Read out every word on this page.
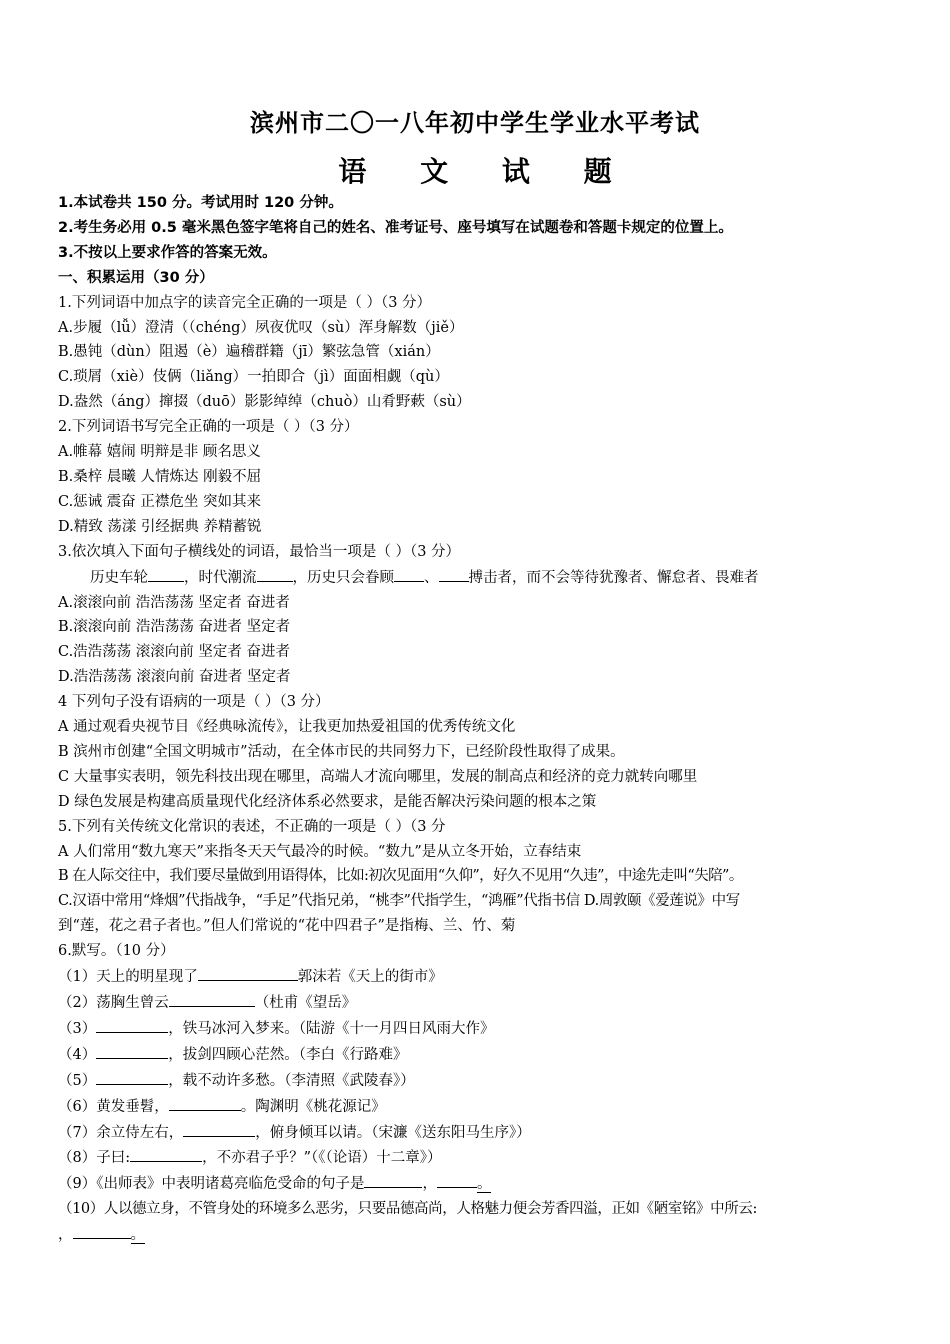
滨州市二〇一八年初中学生学业水平考试
语 文 试 题
1.本试卷共 150 分。考试用时 120 分钟。
2.考生务必用 0.5 毫米黑色签字笔将自己的姓名、准考证号、座号填写在试题卷和答题卡规定的位置上。
3.不按以上要求作答的答案无效。
一、积累运用（30 分）
1.下列词语中加点字的读音完全正确的一项是（ ）（3 分）
A.步履（lǚ）澄清（（chéng）夙夜优叹（sù）浑身解数（jiě）
B.愚钝（dùn）阻遏（è）遍稽群籍（jī）繁弦急管（xián）
C.琐屑（xiè）伎俩（liǎng）一拍即合（jì）面面相觑（qù）
D.盎然（áng）撺掇（duō）影影绰绰（chuò）山肴野蔌（sù）
2.下列词语书写完全正确的一项是（ ）（3 分）
A.帷幕 嬉闹 明辩是非 顾名思义
B.桑梓 晨曦 人情炼达 刚毅不屈
C.惩诫 震奋 正襟危坐 突如其来
D.精致 荡漾 引经据典 养精蓄锐
3.依次填入下面句子横线处的词语，最恰当一项是（ ）（3 分）
历史车轮 ，时代潮流 ，历史只会眷顾 、 搏击者，而不会等待犹豫者、懈怠者、畏难者
A.滚滚向前 浩浩荡荡 坚定者 奋进者
B.滚滚向前 浩浩荡荡 奋进者 坚定者
C.浩浩荡荡 滚滚向前 坚定者 奋进者
D.浩浩荡荡 滚滚向前 奋进者 坚定者
4 下列句子没有语病的一项是（ ）（3 分）
A 通过观看央视节目《经典咏流传》，让我更加热爱祖国的优秀传统文化
B 滨州市创建“全国文明城市”活动，在全体市民的共同努力下，已经阶段性取得了成果。
C 大量事实表明，领先科技出现在哪里，高端人才流向哪里，发展的制高点和经济的竞力就转向哪里
D 绿色发展是构建高质量现代化经济体系必然要求，是能否解决污染问题的根本之策
5.下列有关传统文化常识的表述，不正确的一项是（ ）（3 分
A 人们常用“数九寒天”来指冬天天气最冷的时候。“数九”是从立冬开始，立春结束
B 在人际交往中，我们要尽量做到用语得体，比如:初次见面用“久仰”，好久不见用“久违”，中途先走叫“失陪”。
C.汉语中常用“烽烟”代指战争，“手足”代指兄弟，“桃李”代指学生，“鸿雁”代指书信 D.周敦颐《爱莲说》中写
到“莲，花之君子者也。”但人们常说的“花中四君子”是指梅、兰、竹、菊
6.默写。（10 分）
（1）天上的明星现了	郭沫若《天上的街市》
（2）荡胸生曾云	（杜甫《望岳》
（3）	，铁马冰河入梦来。（陆游《十一月四日风雨大作》
（4）	，拔剑四顾心茫然。（李白《行路难》
（5）	，载不动许多愁。（李清照《武陵春》）
（6）黄发垂髫，	。陶渊明《桃花源记》
（7）余立侍左右，	，俯身倾耳以请。（宋濂《送东阳马生序》）
（8）子曰:	，不亦君子乎？”（《（论语）十二章》）
（9）《出师表》中表明诸葛亮临危受命的句子是	，	。
（10）人以德立身，不管身处的环境多么恶劣，只要品德高尚，人格魅力便会芳香四溢，正如《陋室铭》中所云:
，	。
